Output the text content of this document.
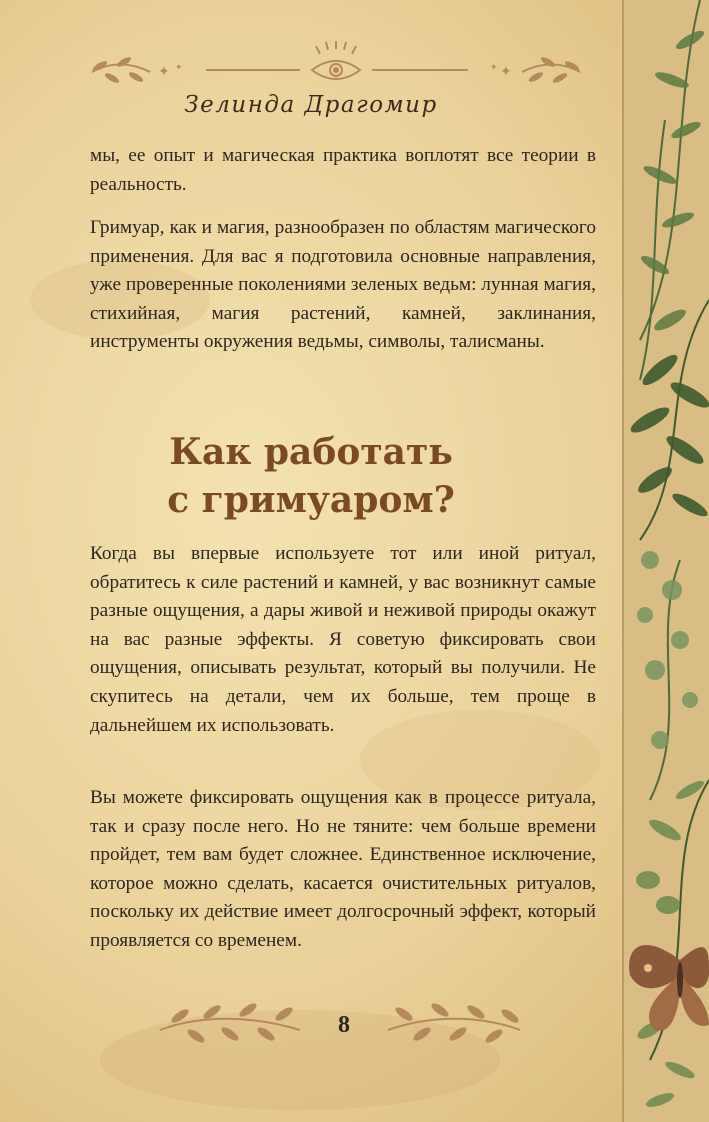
✦ ✦	✦
✦
Зелинда Драгомир

мы, ее опыт и магическая практика воплотят все теории в реальность.

Гримуар, как и магия, разнообразен по областям магического применения. Для вас я подготовила основные направления, уже проверенные поколениями зеленых ведьм: лунная магия, стихийная, магия растений, камней, заклинания, инструменты окружения ведьмы, символы, талисманы.

Как работать
с гримуаром?

Когда вы впервые используете тот или иной ритуал, обратитесь к силе растений и камней, у вас возникнут самые разные ощущения, а дары живой и неживой природы окажут на вас разные эффекты. Я советую фиксировать свои ощущения, описывать результат, который вы получили. Не скупитесь на детали, чем их больше, тем проще в дальнейшем их использовать.

Вы можете фиксировать ощущения как в процессе ритуала, так и сразу после него. Но не тяните: чем больше времени пройдет, тем вам будет сложнее. Единственное исключение, которое можно сделать, касается очистительных ритуалов, поскольку их действие имеет долгосрочный эффект, который проявляется со временем.

8
